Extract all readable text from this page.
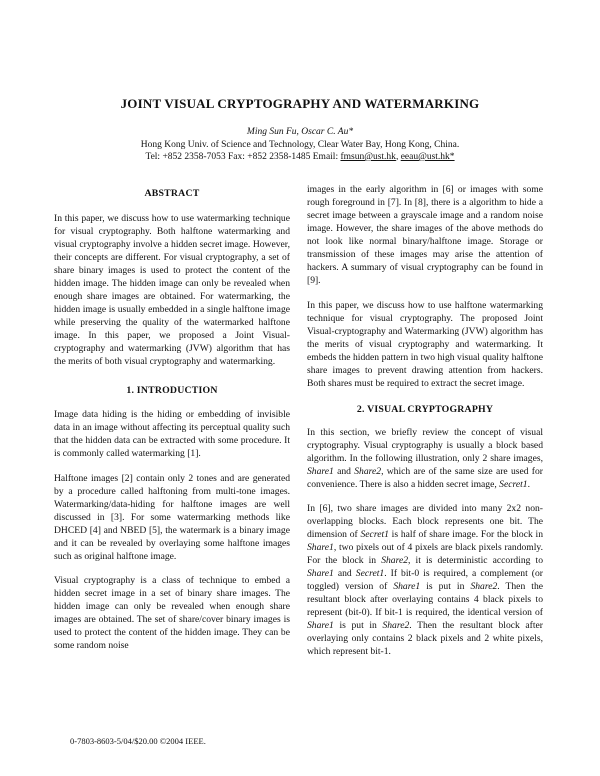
JOINT VISUAL CRYPTOGRAPHY AND WATERMARKING
Ming Sun Fu, Oscar C. Au*
Hong Kong Univ. of Science and Technology, Clear Water Bay, Hong Kong, China.
Tel: +852 2358-7053 Fax: +852 2358-1485 Email: fmsun@ust.hk, eeau@ust.hk*
ABSTRACT

In this paper, we discuss how to use watermarking technique for visual cryptography. Both halftone watermarking and visual cryptography involve a hidden secret image. However, their concepts are different. For visual cryptography, a set of share binary images is used to protect the content of the hidden image. The hidden image can only be revealed when enough share images are obtained. For watermarking, the hidden image is usually embedded in a single halftone image while preserving the quality of the watermarked halftone image. In this paper, we proposed a Joint Visual-cryptography and watermarking (JVW) algorithm that has the merits of both visual cryptography and watermarking.

1. INTRODUCTION

Image data hiding is the hiding or embedding of invisible data in an image without affecting its perceptual quality such that the hidden data can be extracted with some procedure. It is commonly called watermarking [1].

Halftone images [2] contain only 2 tones and are generated by a procedure called halftoning from multi-tone images. Watermarking/data-hiding for halftone images are well discussed in [3]. For some watermarking methods like DHCED [4] and NBED [5], the watermark is a binary image and it can be revealed by overlaying some halftone images such as original halftone image.

Visual cryptography is a class of technique to embed a hidden secret image in a set of binary share images. The hidden image can only be revealed when enough share images are obtained. The set of share/cover binary images is used to protect the content of the hidden image. They can be some random noise

images in the early algorithm in [6] or images with some rough foreground in [7]. In [8], there is a algorithm to hide a secret image between a grayscale image and a random noise image. However, the share images of the above methods do not look like normal binary/halftone image. Storage or transmission of these images may arise the attention of hackers. A summary of visual cryptography can be found in [9].

In this paper, we discuss how to use halftone watermarking technique for visual cryptography. The proposed Joint Visual-cryptography and Watermarking (JVW) algorithm has the merits of visual cryptography and watermarking. It embeds the hidden pattern in two high visual quality halftone share images to prevent drawing attention from hackers. Both shares must be required to extract the secret image.

2. VISUAL CRYPTOGRAPHY

In this section, we briefly review the concept of visual cryptography. Visual cryptography is usually a block based algorithm. In the following illustration, only 2 share images, Share1 and Share2, which are of the same size are used for convenience. There is also a hidden secret image, Secret1.

In [6], two share images are divided into many 2x2 non-overlapping blocks. Each block represents one bit. The dimension of Secret1 is half of share image. For the block in Share1, two pixels out of 4 pixels are black pixels randomly. For the block in Share2, it is deterministic according to Share1 and Secret1. If bit-0 is required, a complement (or toggled) version of Share1 is put in Share2. Then the resultant block after overlaying contains 4 black pixels to represent (bit-0). If bit-1 is required, the identical version of Share1 is put in Share2. Then the resultant block after overlaying only contains 2 black pixels and 2 white pixels, which represent bit-1.

0-7803-8603-5/04/$20.00 ©2004 IEEE.
